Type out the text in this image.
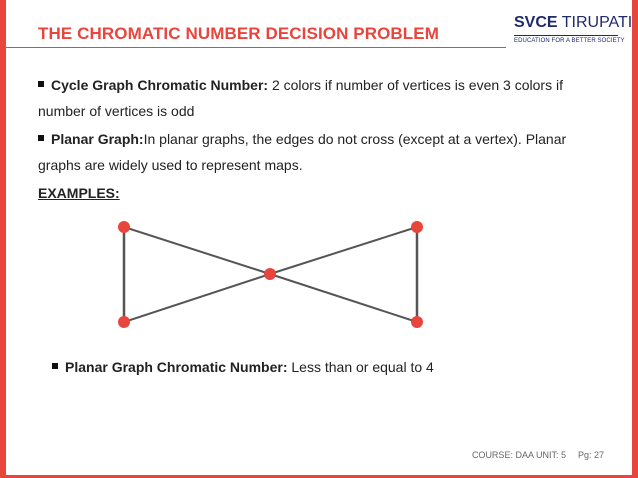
THE CHROMATIC NUMBER DECISION PROBLEM
SVCE TIRUPATI
EDUCATION FOR A BETTER SOCIETY

Cycle Graph Chromatic Number: 2 colors if number of vertices is even 3 colors if
number of vertices is odd

Planar Graph:In planar graphs, the edges do not cross (except at a vertex). Planar
graphs are widely used to represent maps.

EXAMPLES:
Planar Graph Chromatic Number: Less than or equal to 4
COURSE: DAA UNIT: 5 Pg: 27
